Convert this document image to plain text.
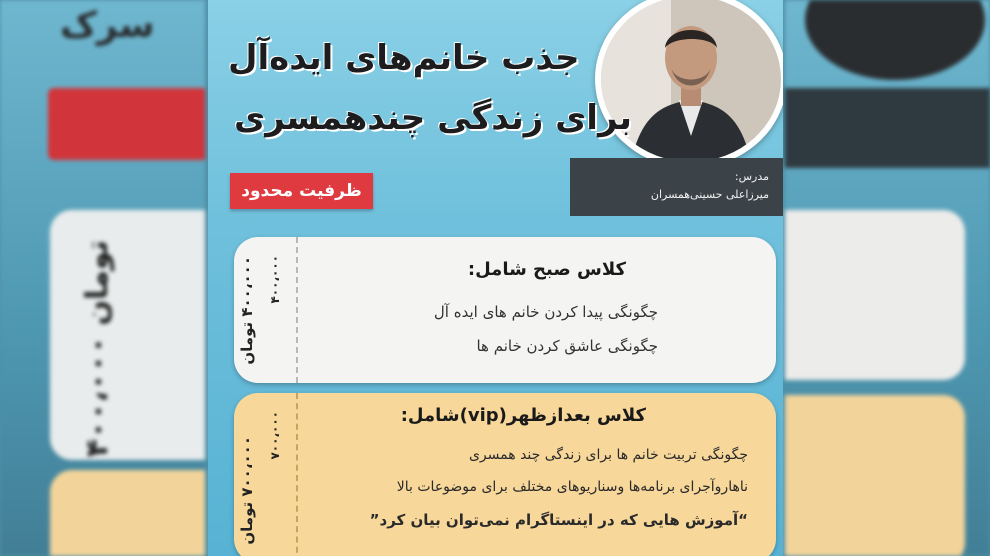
سرک
۴۰۰،۰۰۰ تومان
جذب خانم‌های ایده‌آل
برای زندگی چندهمسری
ظرفیت محدود
مدرس:
میرزاعلی حسینی‌همسران
۴۰۰،۰۰۰
۴۰۰،۰۰۰ تومان	کلاس صبح شامل:
چگونگی پیدا کردن خانم های ایده آل
چگونگی عاشق کردن خانم ها
۷۰۰،۰۰۰
۷۰۰،۰۰۰ تومان
کلاس بعدازظهر(vip)شامل:
چگونگی تربیت خانم ها برای زندگی چند همسری
ناهاروآجرای برنامه‌ها وسناریوهای مختلف برای موضوعات بالا
“آموزش هایی که در اینستاگرام نمی‌توان بیان کرد”
